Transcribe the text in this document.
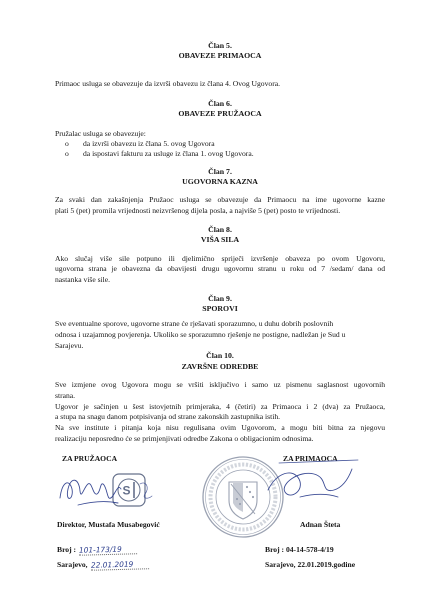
Član 5.
OBAVEZE PRIMAOCA
Primaoc usluga se obavezuje da izvrši obavezu iz člana 4. Ovog Ugovora.
Član 6.
OBAVEZE PRUŽAOCA
Pružalac usluga se obavezuje:
o da izvrši obavezu iz člana 5. ovog Ugovora
o da ispostavi fakturu za usluge iz člana 1. ovog Ugovora.
Član 7.
UGOVORNA KAZNA
Za svaki dan zakašnjenja Pružaoc usluga se obavezuje da Primaocu na ime ugovorne kazne
plati 5 (pet) promila vrijednosti neizvršenog dijela posla, a najviše 5 (pet) posto te vrijednosti.
Član 8.
VIŠA SILA
Ako slučaj više sile potpuno ili djelimično spriječi izvršenje obaveza po ovom Ugovoru,
ugovorna strana je obavezna da obavijesti drugu ugovornu stranu u roku od 7 /sedam/ dana od
nastanka više sile.
Član 9.
SPOROVI
Sve eventualne sporove, ugovorne strane će rješavati sporazumno, u duhu dobrih poslovnih
odnosa i uzajamnog povjerenja. Ukoliko se sporazumno rješenje ne postigne, nadležan je Sud u
Sarajevu.
Član 10.
ZAVRŠNE ODREDBE
Sve izmjene ovog Ugovora mogu se vršiti isključivo i samo uz pismenu saglasnost ugovornih
strana.
Ugovor je sačinjen u šest istovjetnih primjeraka, 4 (četiri) za Primaoca i 2 (dva) za Pružaoca,
a stupa na snagu danom potpisivanja od strane zakonskih zastupnika istih.
Na sve institute i pitanja koja nisu regulisana ovim Ugovorom, a mogu biti bitna za njegovu
realizaciju neposredno će se primjenjivati odredbe Zakona o obligacionim odnosima.
ZA PRUŽAOCA	ZA PRIMAOCA
Direktor, Mustafa Musabegović	Adnan Šteta
Broj : 101-173/19
Sarajevo, 22.01.2019
Broj : 04-14-578-4/19
Sarajevo, 22.01.2019.godine
S
